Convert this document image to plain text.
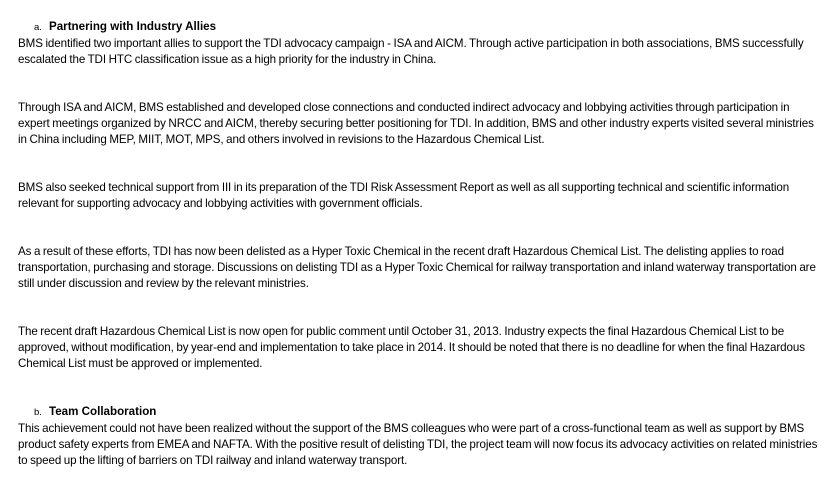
a. Partnering with Industry Allies

BMS identified two important allies to support the TDI advocacy campaign - ISA and AICM. Through active participation in both associations, BMS successfully escalated the TDI HTC classification issue as a high priority for the industry in China.

Through ISA and AICM, BMS established and developed close connections and conducted indirect advocacy and lobbying activities through participation in expert meetings organized by NRCC and AICM, thereby securing better positioning for TDI. In addition, BMS and other industry experts visited several ministries in China including MEP, MIIT, MOT, MPS, and others involved in revisions to the Hazardous Chemical List.

BMS also seeked technical support from III in its preparation of the TDI Risk Assessment Report as well as all supporting technical and scientific information relevant for supporting advocacy and lobbying activities with government officials.

As a result of these efforts, TDI has now been delisted as a Hyper Toxic Chemical in the recent draft Hazardous Chemical List. The delisting applies to road transportation, purchasing and storage. Discussions on delisting TDI as a Hyper Toxic Chemical for railway transportation and inland waterway transportation are still under discussion and review by the relevant ministries.

The recent draft Hazardous Chemical List is now open for public comment until October 31, 2013. Industry expects the final Hazardous Chemical List to be approved, without modification, by year-end and implementation to take place in 2014. It should be noted that there is no deadline for when the final Hazardous Chemical List must be approved or implemented.

b. Team Collaboration

This achievement could not have been realized without the support of the BMS colleagues who were part of a cross-functional team as well as support by BMS product safety experts from EMEA and NAFTA. With the positive result of delisting TDI, the project team will now focus its advocacy activities on related ministries to speed up the lifting of barriers on TDI railway and inland waterway transport.
